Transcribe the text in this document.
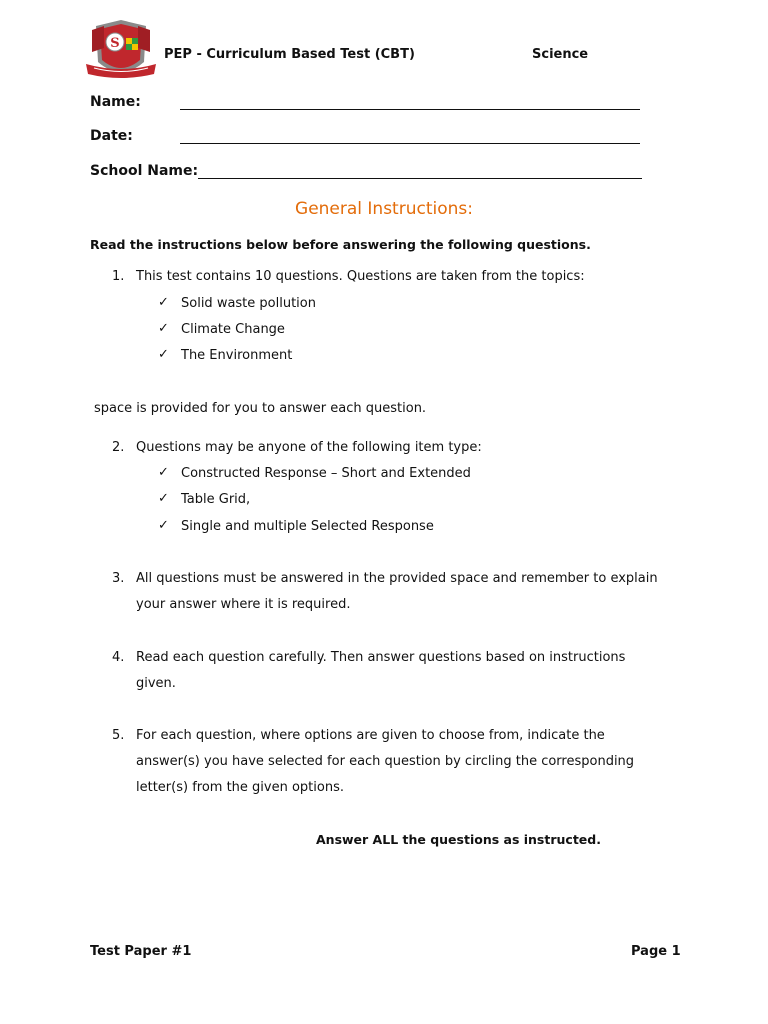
S
PEP - Curriculum Based Test (CBT)	Science
Name:
Date:
School Name:
General Instructions:
Read the instructions below before answering the following questions.
1. This test contains 10 questions. Questions are taken from the topics:
✓ Solid waste pollution
✓ Climate Change
✓ The Environment
space is provided for you to answer each question.
2. Questions may be anyone of the following item type:
✓ Constructed Response – Short and Extended
✓ Table Grid,
✓ Single and multiple Selected Response
3. All questions must be answered in the provided space and remember to explain
your answer where it is required.
4. Read each question carefully. Then answer questions based on instructions
given.
5. For each question, where options are given to choose from, indicate the
answer(s) you have selected for each question by circling the corresponding
letter(s) from the given options.
Answer ALL the questions as instructed.
Test Paper #1	Page 1
